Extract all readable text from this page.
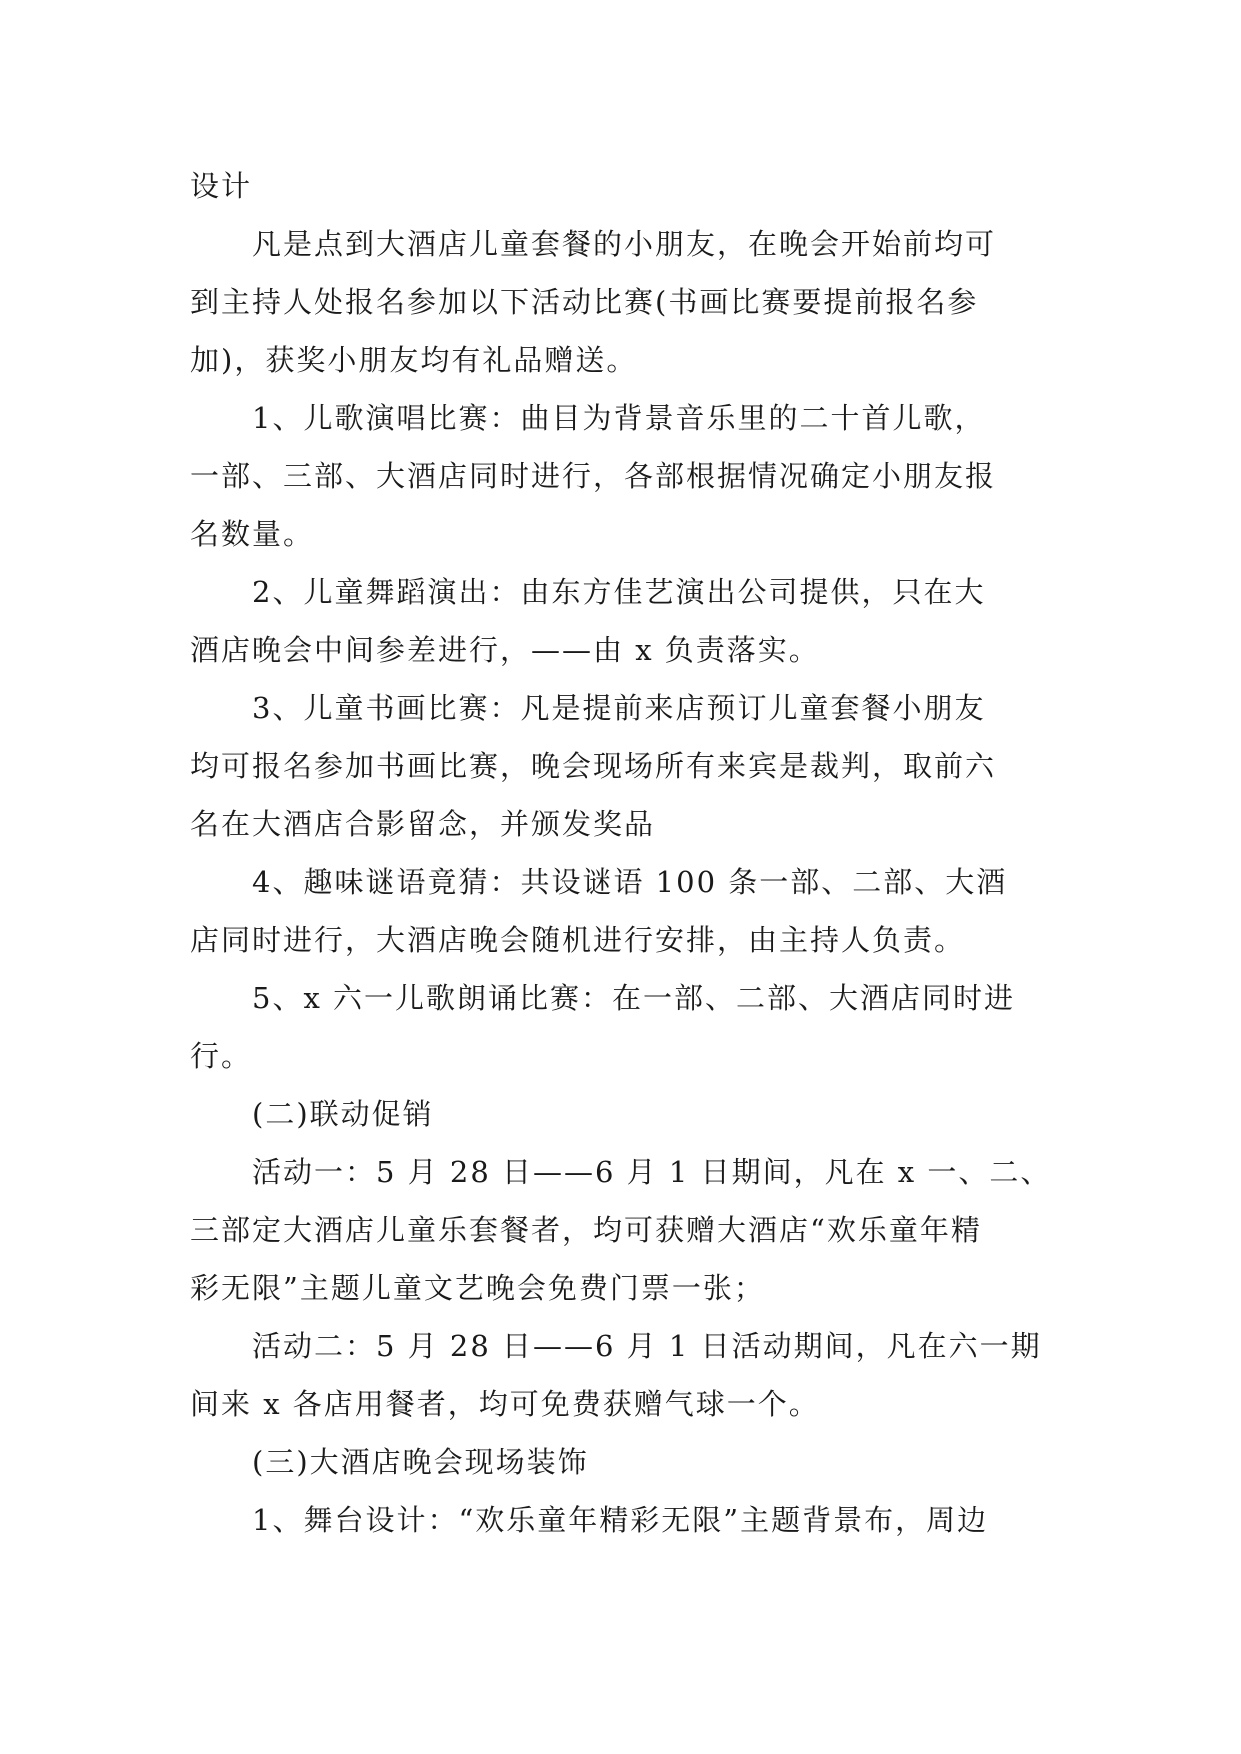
设计
凡是点到大酒店儿童套餐的小朋友，在晚会开始前均可
到主持人处报名参加以下活动比赛(书画比赛要提前报名参
加)，获奖小朋友均有礼品赠送。
1、儿歌演唱比赛：曲目为背景音乐里的二十首儿歌，
一部、三部、大酒店同时进行，各部根据情况确定小朋友报
名数量。
2、儿童舞蹈演出：由东方佳艺演出公司提供，只在大
酒店晚会中间参差进行，——由 x 负责落实。
3、儿童书画比赛：凡是提前来店预订儿童套餐小朋友
均可报名参加书画比赛，晚会现场所有来宾是裁判，取前六
名在大酒店合影留念，并颁发奖品
4、趣味谜语竟猜：共设谜语 100 条一部、二部、大酒
店同时进行，大酒店晚会随机进行安排，由主持人负责。
5、x 六一儿歌朗诵比赛：在一部、二部、大酒店同时进
行。
(二)联动促销
活动一：5 月 28 日——6 月 1 日期间，凡在 x 一、二、
三部定大酒店儿童乐套餐者，均可获赠大酒店“欢乐童年精
彩无限”主题儿童文艺晚会免费门票一张；
活动二：5 月 28 日——6 月 1 日活动期间，凡在六一期
间来 x 各店用餐者，均可免费获赠气球一个。
(三)大酒店晚会现场装饰
1、舞台设计：“欢乐童年精彩无限”主题背景布，周边
